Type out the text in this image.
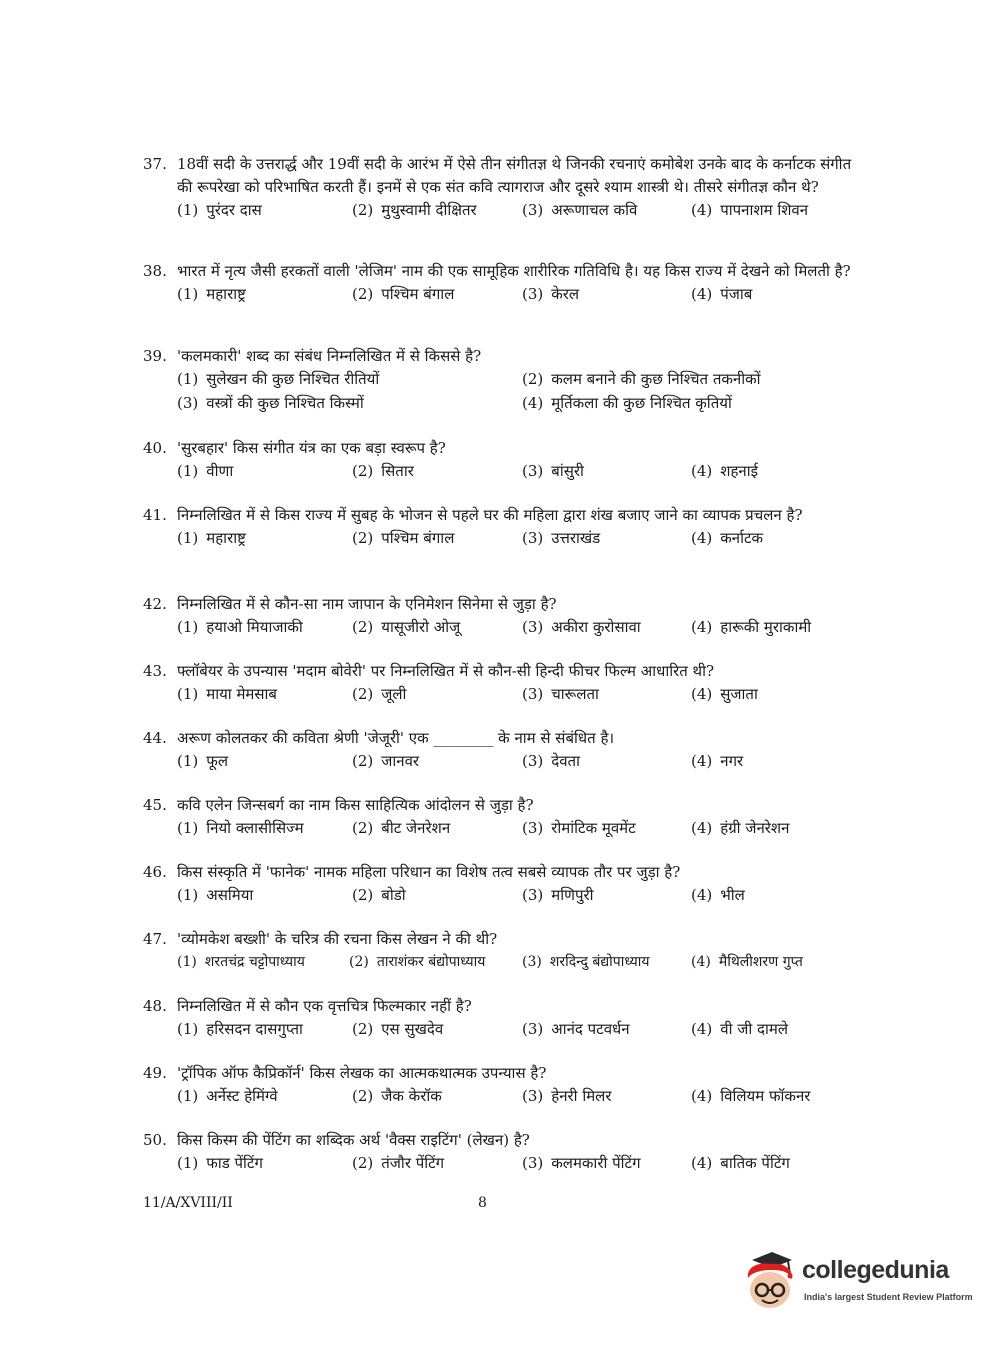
37. 18वीं सदी के उत्तरार्द्ध और 19वीं सदी के आरंभ में ऐसे तीन संगीतज्ञ थे जिनकी रचनाएं कमोबेश उनके बाद के कर्नाटक संगीत की रूपरेखा को परिभाषित करती हैं। इनमें से एक संत कवि त्यागराज और दूसरे श्याम शास्त्री थे। तीसरे संगीतज्ञ कौन थे?
(1) पुरंदर दास	(2) मुथुस्वामी दीक्षितर	(3) अरूणाचल कवि	(4) पापनाशम शिवन
38. भारत में नृत्य जैसी हरकतों वाली 'लेजिम' नाम की एक सामूहिक शारीरिक गतिविधि है। यह किस राज्य में देखने को मिलती है?
(1) महाराष्ट्र	(2) पश्चिम बंगाल	(3) केरल	(4) पंजाब
39. 'कलमकारी' शब्द का संबंध निम्नलिखित में से किससे है?
(1) सुलेखन की कुछ निश्चित रीतियों	(2) कलम बनाने की कुछ निश्चित तकनीकों
(3) वस्त्रों की कुछ निश्चित किस्मों	(4) मूर्तिकला की कुछ निश्चित कृतियों
40. 'सुरबहार' किस संगीत यंत्र का एक बड़ा स्वरूप है?
(1) वीणा	(2) सितार	(3) बांसुरी	(4) शहनाई
41. निम्नलिखित में से किस राज्य में सुबह के भोजन से पहले घर की महिला द्वारा शंख बजाए जाने का व्यापक प्रचलन है?
(1) महाराष्ट्र	(2) पश्चिम बंगाल	(3) उत्तराखंड	(4) कर्नाटक
42. निम्नलिखित में से कौन-सा नाम जापान के एनिमेशन सिनेमा से जुड़ा है?
(1) हयाओ मियाजाकी	(2) यासूजीरो ओजू	(3) अकीरा कुरोसावा	(4) हारूकी मुराकामी
43. फ्लॉबेयर के उपन्यास 'मदाम बोवेरी' पर निम्नलिखित में से कौन-सी हिन्दी फीचर फिल्म आधारित थी?
(1) माया मेमसाब	(2) जूली	(3) चारूलता	(4) सुजाता
44. अरूण कोलतकर की कविता श्रेणी 'जेजूरी' एक ________ के नाम से संबंधित है।
(1) फूल	(2) जानवर	(3) देवता	(4) नगर
45. कवि एलेन जिन्सबर्ग का नाम किस साहित्यिक आंदोलन से जुड़ा है?
(1) नियो क्लासीसिज्म	(2) बीट जेनरेशन	(3) रोमांटिक मूवमेंट	(4) हंग्री जेनरेशन
46. किस संस्कृति में 'फानेक' नामक महिला परिधान का विशेष तत्व सबसे व्यापक तौर पर जुड़ा है?
(1) असमिया	(2) बोडो	(3) मणिपुरी	(4) भील
47. 'व्योमकेश बख्शी' के चरित्र की रचना किस लेखन ने की थी?
(1) शरतचंद्र चट्टोपाध्याय	(2) ताराशंकर बंद्योपाध्याय	(3) शरदिन्दु बंद्योपाध्याय	(4) मैथिलीशरण गुप्त
48. निम्नलिखित में से कौन एक वृत्तचित्र फिल्मकार नहीं है?
(1) हरिसदन दासगुप्ता	(2) एस सुखदेव	(3) आनंद पटवर्धन	(4) वी जी दामले
49. 'ट्रॉपिक ऑफ कैप्रिकॉर्न' किस लेखक का आत्मकथात्मक उपन्यास है?
(1) अर्नेस्ट हेमिंग्वे	(2) जैक केरॉक	(3) हेनरी मिलर	(4) विलियम फॉकनर
50. किस किस्म की पेंटिंग का शब्दिक अर्थ 'वैक्स राइटिंग' (लेखन) है?
(1) फाड पेंटिंग	(2) तंजौर पेंटिंग	(3) कलमकारी पेंटिंग	(4) बातिक पेंटिंग
11/A/XVIII/II	8
collegedunia
India's largest Student Review Platform
